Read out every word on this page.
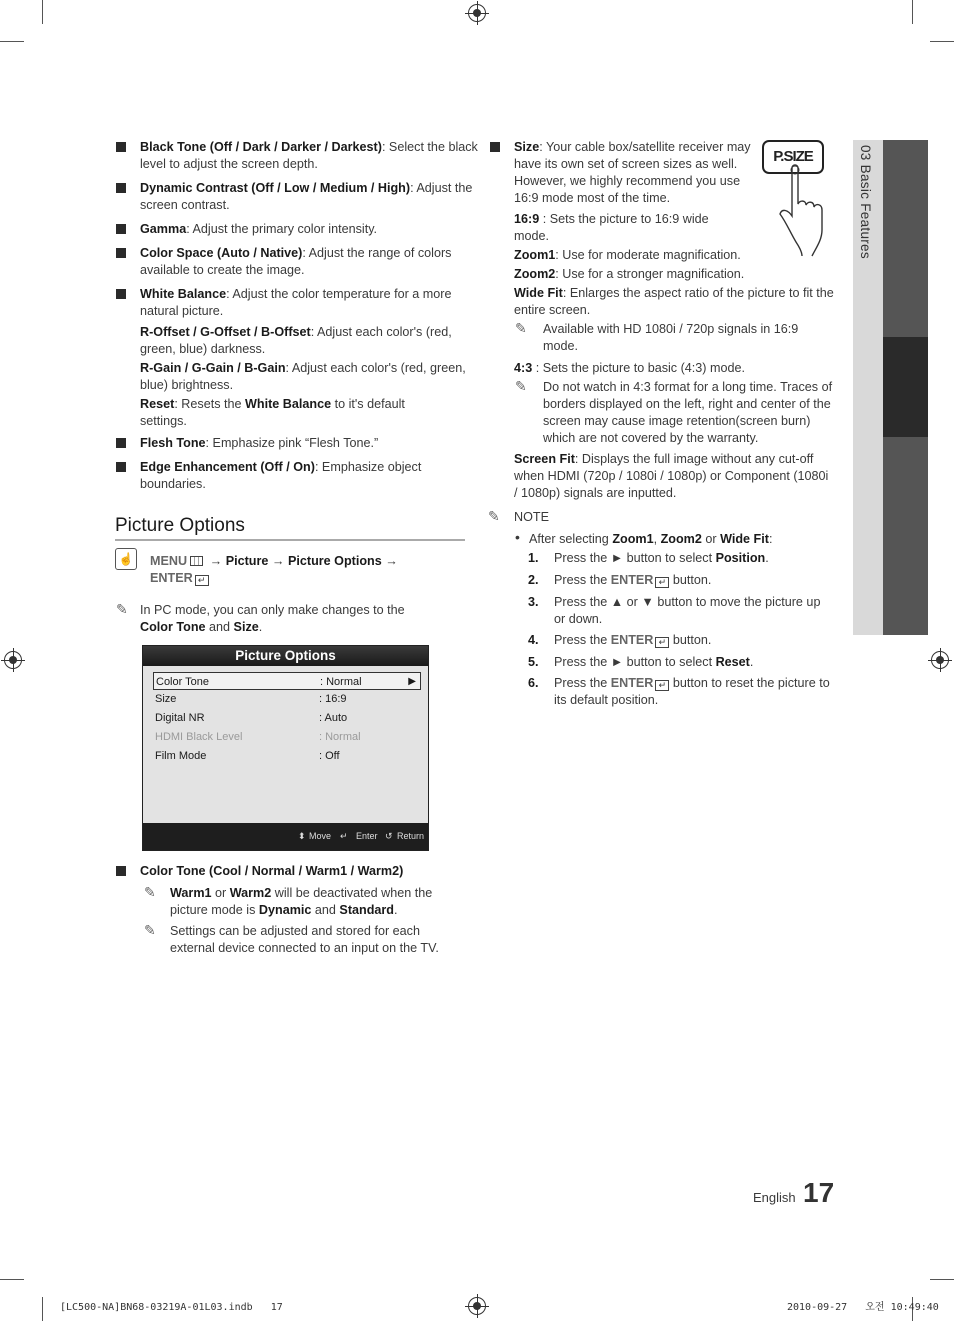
03 Basic Features
Black Tone (Off / Dark / Darker / Darkest): Select the black level to adjust the screen depth.
Dynamic Contrast (Off / Low / Medium / High): Adjust the screen contrast.
Gamma: Adjust the primary color intensity.
Color Space (Auto / Native): Adjust the range of colors available to create the image.
White Balance: Adjust the color temperature for a more natural picture.
R-Offset / G-Offset / B-Offset: Adjust each color's (red, green, blue) darkness.
R-Gain / G-Gain / B-Gain: Adjust each color's (red, green, blue) brightness.
Reset: Resets the White Balance to it's default settings.
Flesh Tone: Emphasize pink “Flesh Tone.”
Edge Enhancement (Off / On): Emphasize object boundaries.
Picture Options
☝ MENU → Picture → Picture Options →
ENTER ↵
✎ In PC mode, you can only make changes to the Color Tone and Size.
Picture Options
Color Tone	: Normal	▶
Size	: 16:9
Digital NR	: Auto
HDMI Black Level	: Normal
Film Mode	: Off
⬍ Move ↵ Enter ↺ Return
Color Tone (Cool / Normal / Warm1 / Warm2)
✎ Warm1 or Warm2 will be deactivated when the picture mode is Dynamic and Standard.
✎ Settings can be adjusted and stored for each external device connected to an input on the TV.
P.SIZE
Size: Your cable box/satellite receiver may have its own set of screen sizes as well. However, we highly recommend you use 16:9 mode most of the time.
16:9 : Sets the picture to 16:9 wide mode.
Zoom1: Use for moderate magnification.
Zoom2: Use for a stronger magnification.
Wide Fit: Enlarges the aspect ratio of the picture to fit the entire screen.
✎ Available with HD 1080i / 720p signals in 16:9 mode.
4:3 : Sets the picture to basic (4:3) mode.
✎ Do not watch in 4:3 format for a long time. Traces of borders displayed on the left, right and center of the screen may cause image retention(screen burn) which are not covered by the warranty.
Screen Fit: Displays the full image without any cut-off when HDMI (720p / 1080i / 1080p) or Component (1080i / 1080p) signals are inputted.
✎ NOTE
• After selecting Zoom1, Zoom2 or Wide Fit:
1. Press the ► button to select Position.
2. Press the ENTER ↵ button.
3. Press the ▲ or ▼ button to move the picture up or down.
4. Press the ENTER ↵ button.
5. Press the ► button to select Reset.
6. Press the ENTER ↵ button to reset the picture to its default position.
English 17
[LC500-NA]BN68-03219A-01L03.indb   17	2010-09-27   오전 10:49:40
